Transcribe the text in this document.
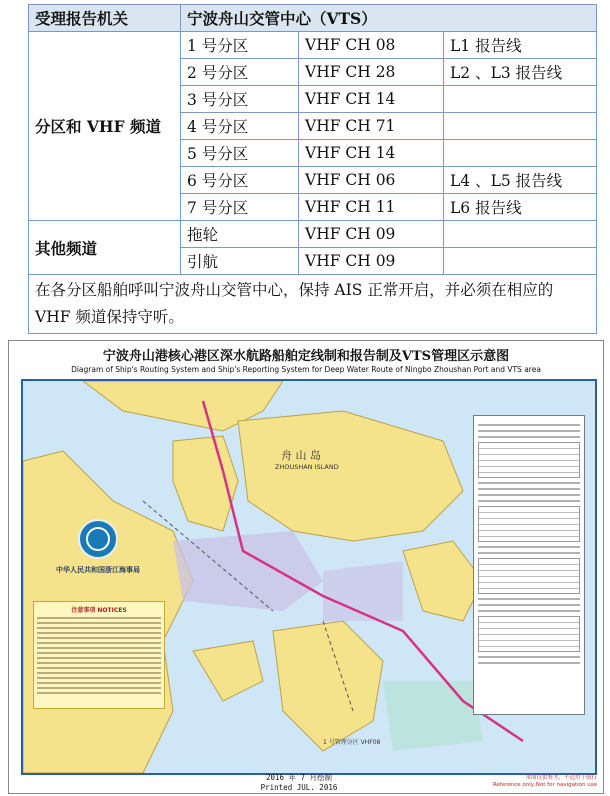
受理报告机关	宁波舟山交管中心（VTS）		
分区和 VHF 频道	1 号分区	VHF CH 08	L1 报告线
	2 号分区	VHF CH 28	L2 、L3 报告线
	3 号分区	VHF CH 14	
	4 号分区	VHF CH 71	
	5 号分区	VHF CH 14	
	6 号分区	VHF CH 06	L4 、L5 报告线
	7 号分区	VHF CH 11	L6 报告线
其他频道	拖轮	VHF CH 09	
	引航	VHF CH 09	
在各分区船舶呼叫宁波舟山交管中心，保持 AIS 正常开启，并必须在相应的 VHF 频道保持守听。			
宁波舟山港核心港区深水航路船舶定线制和报告制及VTS管理区示意图
Diagram of Ship's Routing System and Ship's Reporting System for Deep Water Route of Ningbo Zhoushan Port and VTS area
舟 山 岛
ZHOUSHAN ISLAND
1 号管理分区 VHF08
中华人民共和国浙江海事局
注意事项 NOTICES
2016 年 7 月绘制
Printed JUL. 2016
本图仅供参考，不适用于航行
Reference only,Not for navigation use
